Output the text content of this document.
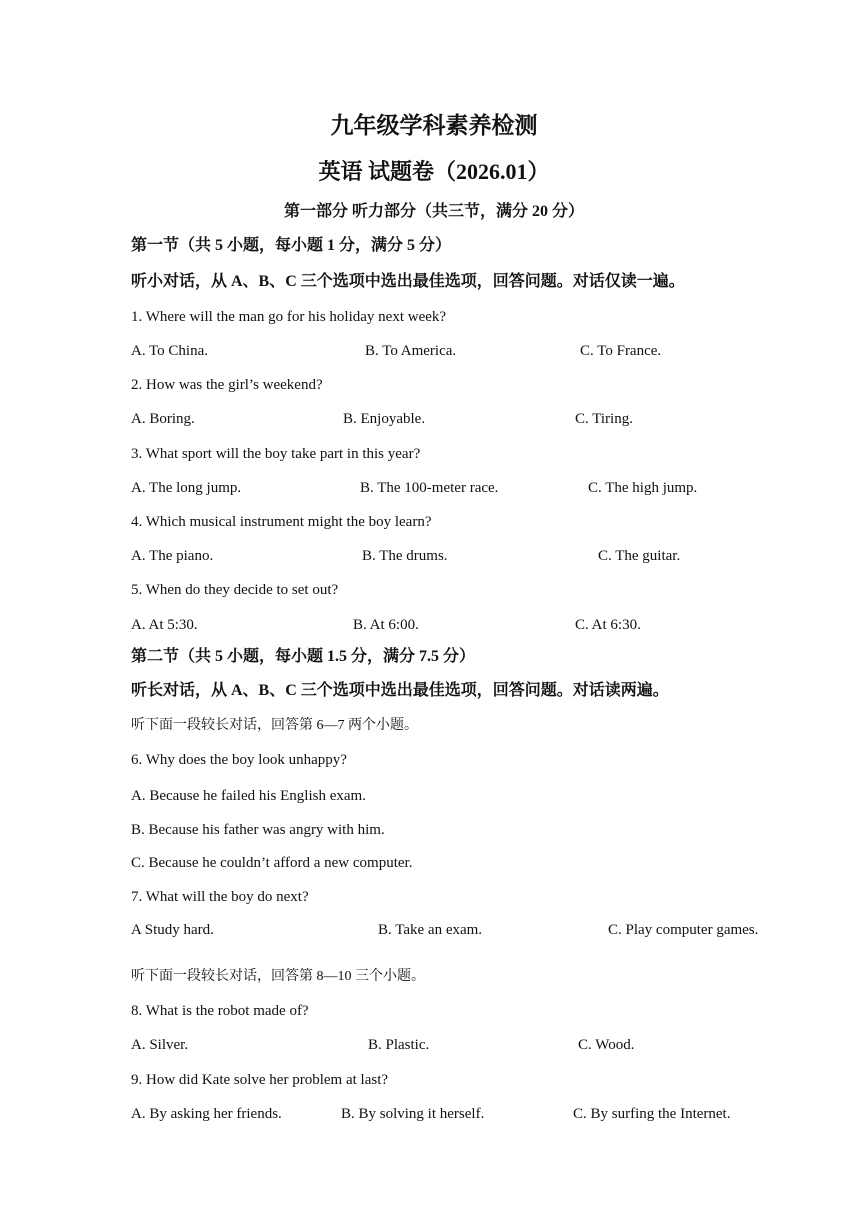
九年级学科素养检测
英语 试题卷（2026.01）
第一部分 听力部分（共三节，满分 20 分）
第一节（共 5 小题，每小题 1 分，满分 5 分）
听小对话，从 A、B、C 三个选项中选出最佳选项，回答问题。对话仅读一遍。
1. Where will the man go for his holiday next week?
A. To China.	B. To America.	C. To France.
2. How was the girl’s weekend?
A. Boring.	B. Enjoyable.	C. Tiring.
3. What sport will the boy take part in this year?
A. The long jump.	B. The 100-meter race.	C. The high jump.
4. Which musical instrument might the boy learn?
A. The piano.	B. The drums.	C. The guitar.
5. When do they decide to set out?
A. At 5:30.	B. At 6:00.	C. At 6:30.
第二节（共 5 小题，每小题 1.5 分，满分 7.5 分）
听长对话，从 A、B、C 三个选项中选出最佳选项，回答问题。对话读两遍。
听下面一段较长对话，回答第 6—7 两个小题。
6. Why does the boy look unhappy?
A. Because he failed his English exam.
B. Because his father was angry with him.
C. Because he couldn’t afford a new computer.
7. What will the boy do next?
A Study hard.	B. Take an exam.	C. Play computer games.
听下面一段较长对话，回答第 8—10 三个小题。
8. What is the robot made of?
A. Silver.	B. Plastic.	C. Wood.
9. How did Kate solve her problem at last?
A. By asking her friends.	B. By solving it herself.	C. By surfing the Internet.
